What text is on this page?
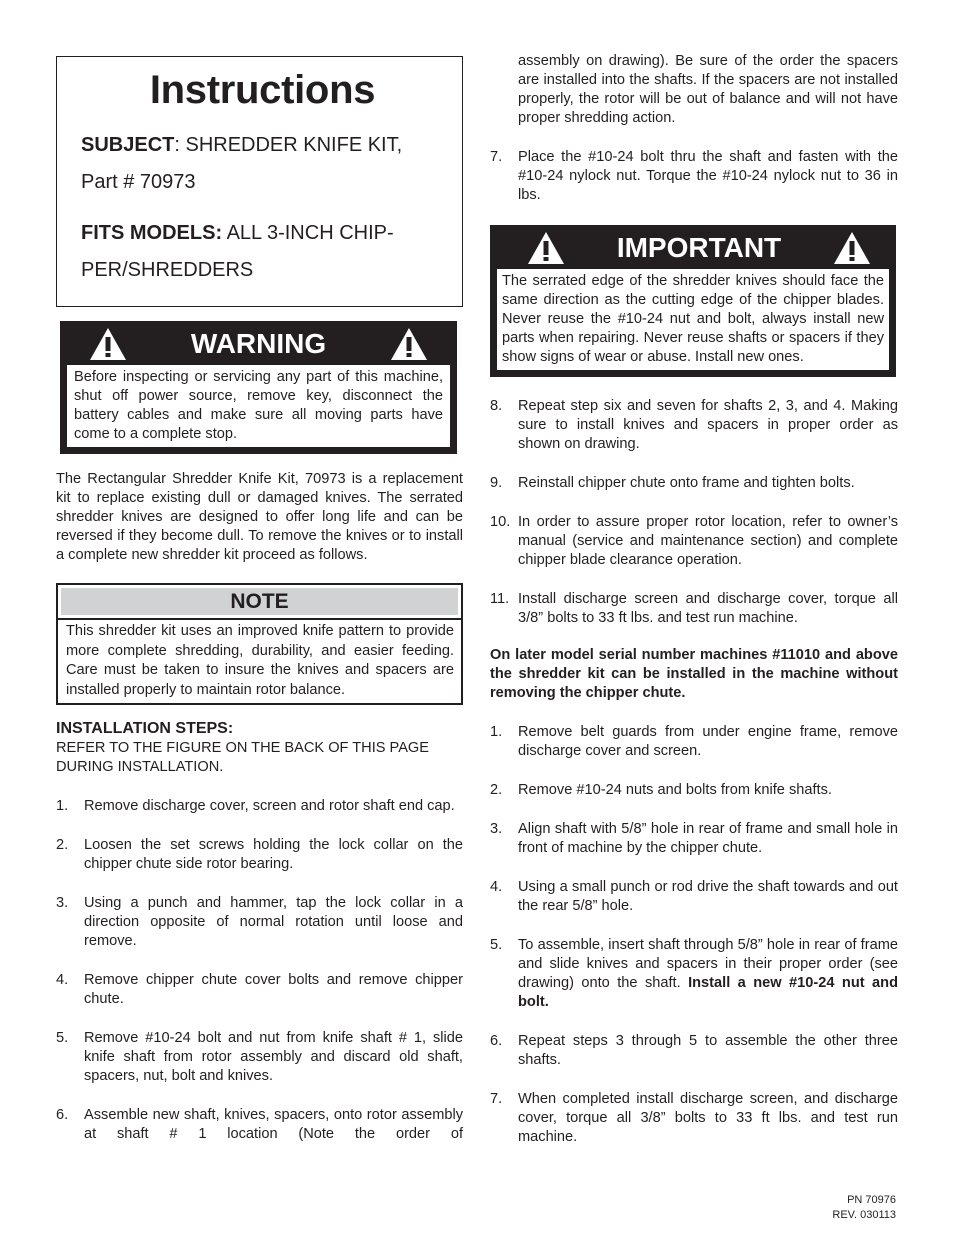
Instructions

SUBJECT: SHREDDER KNIFE KIT,
Part # 70973

FITS MODELS: ALL 3-INCH CHIP-
PER/SHREDDERS

WARNING
Before inspecting or servicing any part of this machine, shut off power source, remove key, disconnect the battery cables and make sure all moving parts have come to a complete stop.

The Rectangular Shredder Knife Kit, 70973 is a replacement kit to replace existing dull or damaged knives. The serrated shredder knives are designed to offer long life and can be reversed if they become dull. To remove the knives or to install a complete new shredder kit proceed as follows.

NOTE
This shredder kit uses an improved knife pattern to provide more complete shredding, durability, and easier feeding. Care must be taken to insure the knives and spacers are installed properly to maintain rotor balance.
INSTALLATION STEPS:
REFER TO THE FIGURE ON THE BACK OF THIS PAGE DURING INSTALLATION.
1.	Remove discharge cover, screen and rotor shaft end cap.
2.	Loosen the set screws holding the lock collar on the chipper chute side rotor bearing.
3.	Using a punch and hammer, tap the lock collar in a direction opposite of normal rotation until loose and remove.
4.	Remove chipper chute cover bolts and remove chipper chute.
5.	Remove #10-24 bolt and nut from knife shaft # 1, slide knife shaft from rotor assembly and discard old shaft, spacers, nut, bolt and knives.
6.	Assemble new shaft, knives, spacers, onto rotor assembly at shaft # 1 location (Note the order of

assembly on drawing). Be sure of the order the spacers are installed into the shafts. If the spacers are not installed properly, the rotor will be out of balance and will not have proper shredding action.

7.	Place the #10-24 bolt thru the shaft and fasten with the #10-24 nylock nut. Torque the #10-24 nylock nut to 36 in lbs.
IMPORTANT
The serrated edge of the shredder knives should face the same direction as the cutting edge of the chipper blades. Never reuse the #10-24 nut and bolt, always install new parts when repairing. Never reuse shafts or spacers if they show signs of wear or abuse. Install new ones.
8.	Repeat step six and seven for shafts 2, 3, and 4. Making sure to install knives and spacers in proper order as shown on drawing.
9.	Reinstall chipper chute onto frame and tighten bolts.
10. In order to assure proper rotor location, refer to owner’s manual (service and maintenance section) and complete chipper blade clearance operation.
11. Install discharge screen and discharge cover, torque all 3/8” bolts to 33 ft lbs. and test run machine.

On later model serial number machines #11010 and above the shredder kit can be installed in the machine without removing the chipper chute.

1.	Remove belt guards from under engine frame, remove discharge cover and screen.
2.	Remove #10-24 nuts and bolts from knife shafts.
3.	Align shaft with 5/8” hole in rear of frame and small hole in front of machine by the chipper chute.
4.	Using a small punch or rod drive the shaft towards and out the rear 5/8” hole.
5.	To assemble, insert shaft through 5/8” hole in rear of frame and slide knives and spacers in their proper order (see drawing) onto the shaft. Install a new #10-24 nut and bolt.
6.	Repeat steps 3 through 5 to assemble the other three shafts.
7.	When completed install discharge screen, and discharge cover, torque all 3/8” bolts to 33 ft lbs. and test run machine.
PN 70976
REV. 030113
